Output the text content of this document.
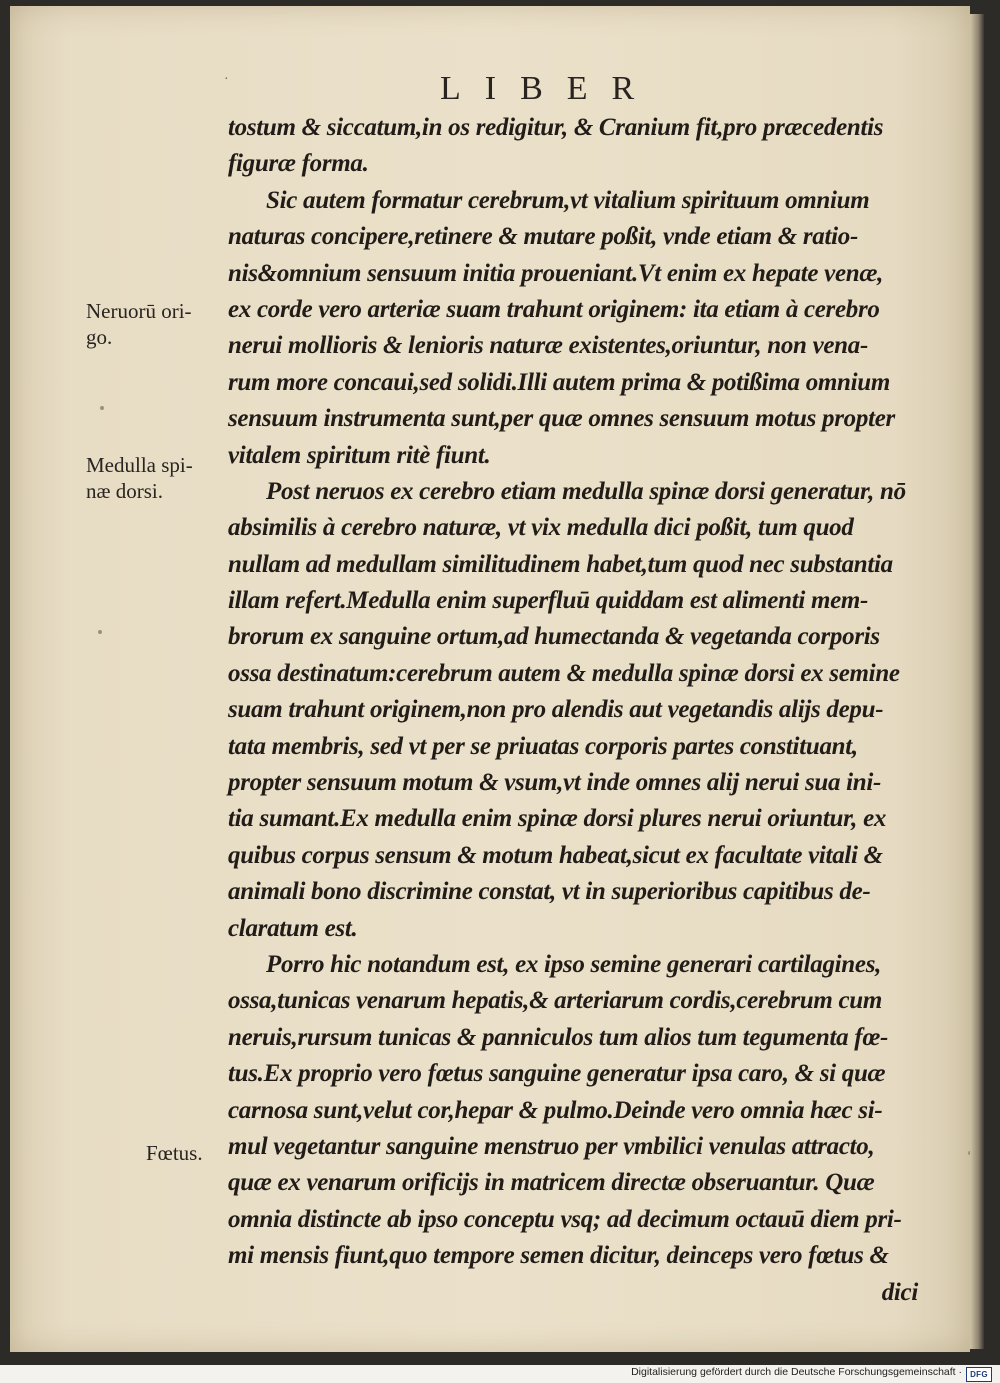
·	LIBER
tostum & siccatum,in os redigitur, & Cranium fit,pro præcedentis
figuræ forma.
Sic autem formatur cerebrum,vt vitalium spirituum omnium
naturas concipere,retinere & mutare poßit, vnde etiam & ratio-
nis&omnium sensuum initia proueniant.Vt enim ex hepate venæ,
ex corde vero arteriæ suam trahunt originem: ita etiam à cerebro
nerui mollioris & lenioris naturæ existentes,oriuntur, non vena-
rum more concaui,sed solidi.Illi autem prima & potißima omnium
sensuum instrumenta sunt,per quæ omnes sensuum motus propter
vitalem spiritum ritè fiunt.
Post neruos ex cerebro etiam medulla spinæ dorsi generatur, nō
absimilis à cerebro naturæ, vt vix medulla dici poßit, tum quod
nullam ad medullam similitudinem habet,tum quod nec substantia
illam refert.Medulla enim superfluū quiddam est alimenti mem-
brorum ex sanguine ortum,ad humectanda & vegetanda corporis
ossa destinatum:cerebrum autem & medulla spinæ dorsi ex semine
suam trahunt originem,non pro alendis aut vegetandis alijs depu-
tata membris, sed vt per se priuatas corporis partes constituant,
propter sensuum motum & vsum,vt inde omnes alij nerui sua ini-
tia sumant.Ex medulla enim spinæ dorsi plures nerui oriuntur, ex
quibus corpus sensum & motum habeat,sicut ex facultate vitali &
animali bono discrimine constat, vt in superioribus capitibus de-
claratum est.
Porro hic notandum est, ex ipso semine generari cartilagines,
ossa,tunicas venarum hepatis,& arteriarum cordis,cerebrum cum
neruis,rursum tunicas & panniculos tum alios tum tegumenta fœ-
tus.Ex proprio vero fœtus sanguine generatur ipsa caro, & si quæ
carnosa sunt,velut cor,hepar & pulmo.Deinde vero omnia hæc si-
mul vegetantur sanguine menstruo per vmbilici venulas attracto,
quæ ex venarum orificijs in matricem directæ obseruantur. Quæ
omnia distincte ab ipso conceptu vsq; ad decimum octauū diem pri-
mi mensis fiunt,quo tempore semen dicitur, deinceps vero fœtus &
dici
Neruorū ori-
go.
Medulla spi-
næ dorsi.
Fœtus.
Digitalisierung gefördert durch die Deutsche Forschungsgemeinschaft ·	DFG
